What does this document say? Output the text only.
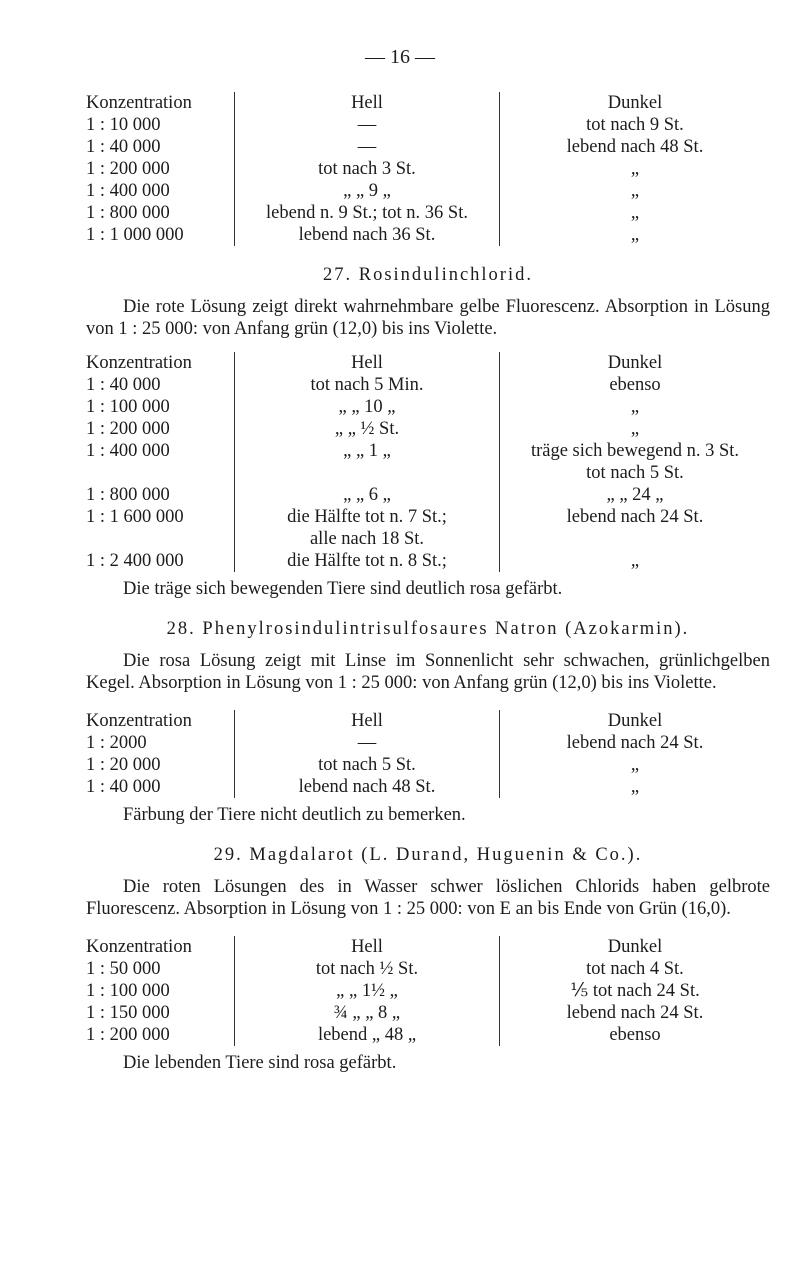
— 16 —
Konzentration	Hell	Dunkel
1 : 10 000	—	tot nach 9 St.
1 : 40 000	—	lebend nach 48 St.
1 : 200 000	tot nach 3 St.	„
1 : 400 000	„ „ 9 „	„
1 : 800 000	lebend n. 9 St.; tot n. 36 St.	„
1 : 1 000 000	lebend nach 36 St.	„
27. Rosindulinchlorid.

Die rote Lösung zeigt direkt wahrnehmbare gelbe Fluorescenz. Absorption in Lösung von 1 : 25 000: von Anfang grün (12,0) bis ins Violette.

Konzentration	Hell	Dunkel
1 : 40 000	tot nach 5 Min.	ebenso
1 : 100 000	„ „ 10 „	„
1 : 200 000	„ „ ½ St.	„
1 : 400 000	„ „ 1 „	träge sich bewegend n. 3 St.
		tot nach 5 St.
1 : 800 000	„ „ 6 „	„ „ 24 „
1 : 1 600 000	die Hälfte tot n. 7 St.;	lebend nach 24 St.
	alle nach 18 St.	
1 : 2 400 000	die Hälfte tot n. 8 St.;	„

Die träge sich bewegenden Tiere sind deutlich rosa gefärbt.

28. Phenylrosindulintrisulfosaures Natron (Azokarmin).

Die rosa Lösung zeigt mit Linse im Sonnenlicht sehr schwachen, grünlichgelben Kegel. Absorption in Lösung von 1 : 25 000: von Anfang grün (12,0) bis ins Violette.

Konzentration	Hell	Dunkel
1 : 2000	—	lebend nach 24 St.
1 : 20 000	tot nach 5 St.	„
1 : 40 000	lebend nach 48 St.	„

Färbung der Tiere nicht deutlich zu bemerken.

29. Magdalarot (L. Durand, Huguenin & Co.).

Die roten Lösungen des in Wasser schwer löslichen Chlorids haben gelbrote Fluorescenz. Absorption in Lösung von 1 : 25 000: von E an bis Ende von Grün (16,0).

Konzentration	Hell	Dunkel
1 : 50 000	tot nach ½ St.	tot nach 4 St.
1 : 100 000	„ „ 1½ „	⅕ tot nach 24 St.
1 : 150 000	¾ „ „ 8 „	lebend nach 24 St.
1 : 200 000	lebend „ 48 „	ebenso

Die lebenden Tiere sind rosa gefärbt.
